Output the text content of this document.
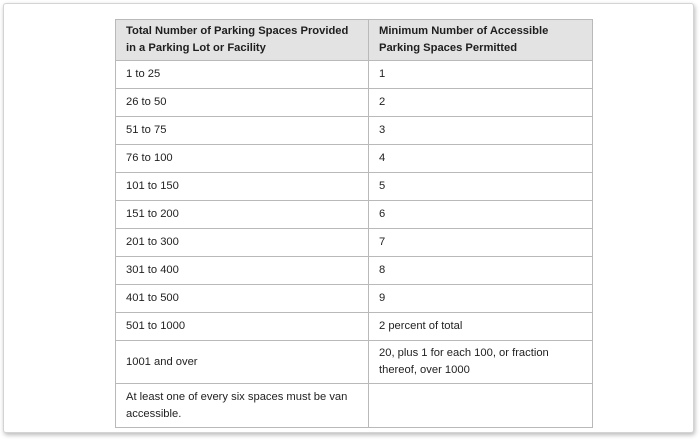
Total Number of Parking Spaces Provided in a Parking Lot or Facility	Minimum Number of Accessible Parking Spaces Permitted
1 to 25	1
26 to 50	2
51 to 75	3
76 to 100	4
101 to 150	5
151 to 200	6
201 to 300	7
301 to 400	8
401 to 500	9
501 to 1000	2 percent of total
1001 and over	20, plus 1 for each 100, or fraction thereof, over 1000
At least one of every six spaces must be van accessible.	
